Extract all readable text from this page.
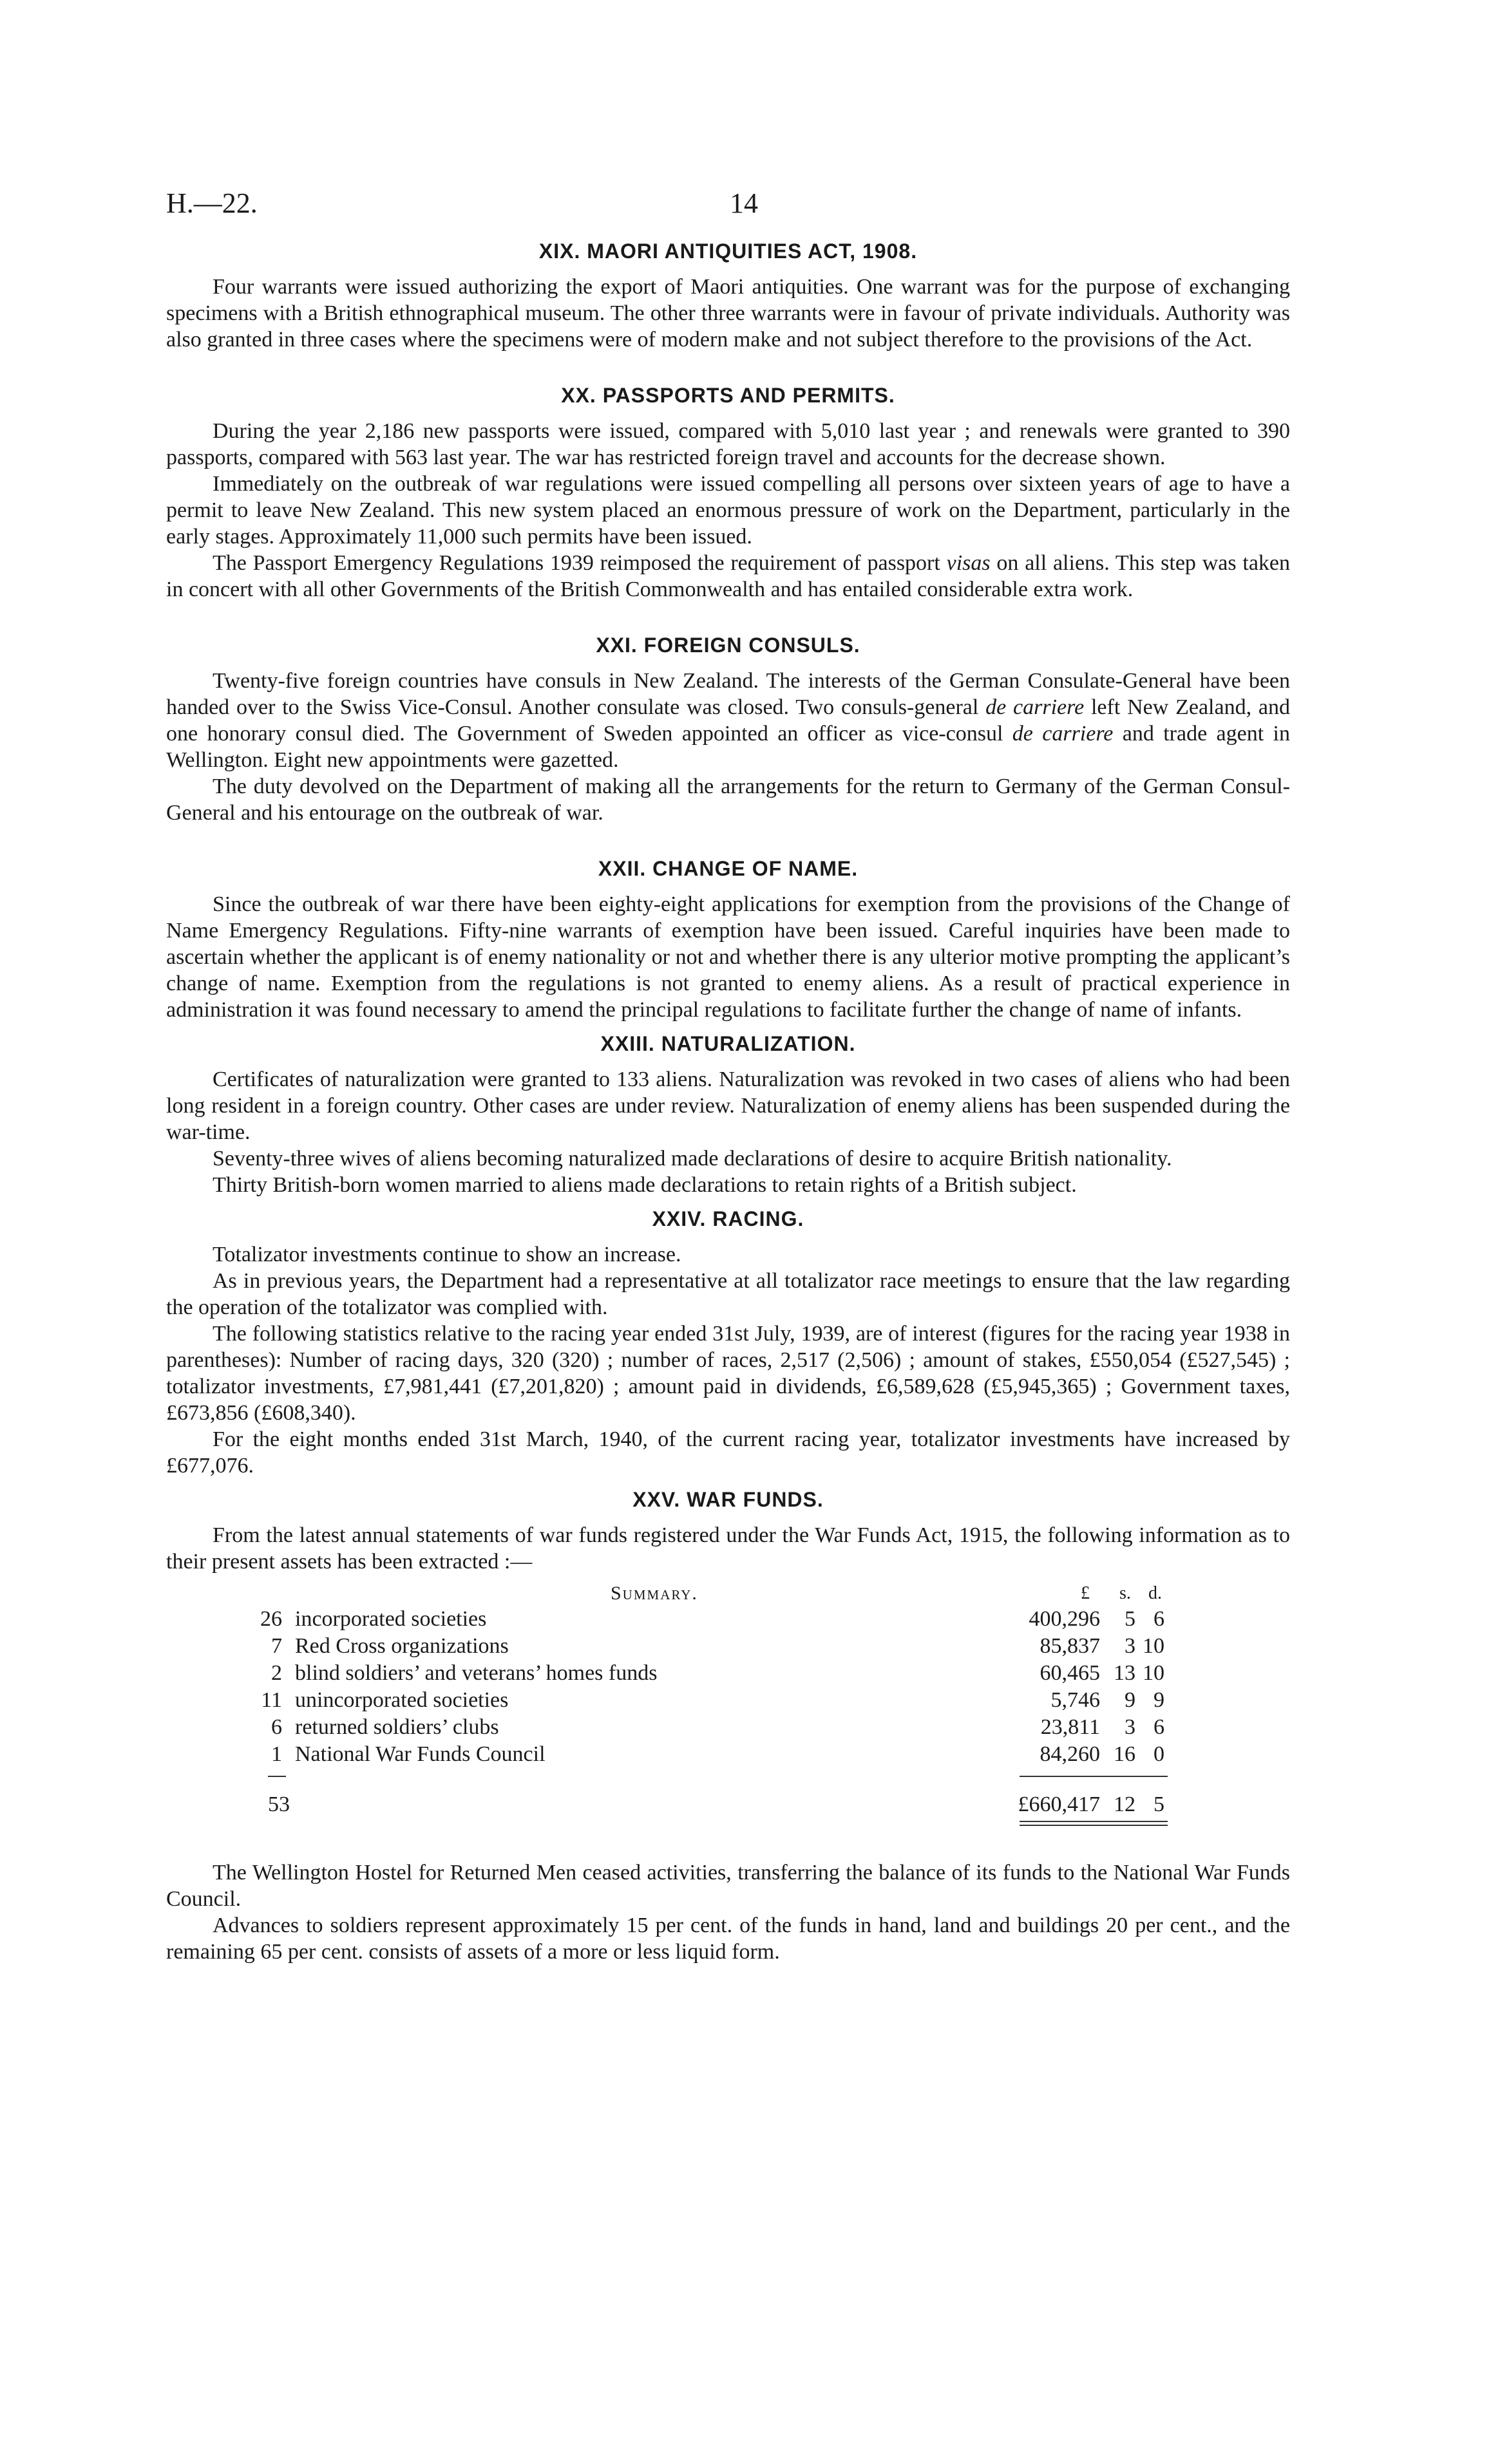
H.—22.	14
XIX. MAORI ANTIQUITIES ACT, 1908.

Four warrants were issued authorizing the export of Maori antiquities. One warrant was for the purpose of exchanging specimens with a British ethnographical museum. The other three warrants were in favour of private individuals. Authority was also granted in three cases where the specimens were of modern make and not subject therefore to the provisions of the Act.

XX. PASSPORTS AND PERMITS.

During the year 2,186 new passports were issued, compared with 5,010 last year ; and renewals were granted to 390 passports, compared with 563 last year. The war has restricted foreign travel and accounts for the decrease shown.

Immediately on the outbreak of war regulations were issued compelling all persons over sixteen years of age to have a permit to leave New Zealand. This new system placed an enormous pressure of work on the Department, particularly in the early stages. Approximately 11,000 such permits have been issued.

The Passport Emergency Regulations 1939 reimposed the requirement of passport visas on all aliens. This step was taken in concert with all other Governments of the British Commonwealth and has entailed considerable extra work.

XXI. FOREIGN CONSULS.

Twenty-five foreign countries have consuls in New Zealand. The interests of the German Consulate-General have been handed over to the Swiss Vice-Consul. Another consulate was closed. Two consuls-general de carriere left New Zealand, and one honorary consul died. The Government of Sweden appointed an officer as vice-consul de carriere and trade agent in Wellington. Eight new appointments were gazetted.

The duty devolved on the Department of making all the arrangements for the return to Germany of the German Consul-General and his entourage on the outbreak of war.

XXII. CHANGE OF NAME.

Since the outbreak of war there have been eighty-eight applications for exemption from the provisions of the Change of Name Emergency Regulations. Fifty-nine warrants of exemption have been issued. Careful inquiries have been made to ascertain whether the applicant is of enemy nationality or not and whether there is any ulterior motive prompting the applicant’s change of name. Exemption from the regulations is not granted to enemy aliens. As a result of practical experience in administration it was found necessary to amend the principal regulations to facilitate further the change of name of infants.

XXIII. NATURALIZATION.

Certificates of naturalization were granted to 133 aliens. Naturalization was revoked in two cases of aliens who had been long resident in a foreign country. Other cases are under review. Naturalization of enemy aliens has been suspended during the war-time.

Seventy-three wives of aliens becoming naturalized made declarations of desire to acquire British nationality.

Thirty British-born women married to aliens made declarations to retain rights of a British subject.

XXIV. RACING.

Totalizator investments continue to show an increase.

As in previous years, the Department had a representative at all totalizator race meetings to ensure that the law regarding the operation of the totalizator was complied with.

The following statistics relative to the racing year ended 31st July, 1939, are of interest (figures for the racing year 1938 in parentheses): Number of racing days, 320 (320) ; number of races, 2,517 (2,506) ; amount of stakes, £550,054 (£527,545) ; totalizator investments, £7,981,441 (£7,201,820) ; amount paid in dividends, £6,589,628 (£5,945,365) ; Government taxes, £673,856 (£608,340).

For the eight months ended 31st March, 1940, of the current racing year, totalizator investments have increased by £677,076.

XXV. WAR FUNDS.

From the latest annual statements of war funds registered under the War Funds Act, 1915, the following information as to their present assets has been extracted :—

Summary.	£ s. d.
26 incorporated societies	400,296	5 6
7 Red Cross organizations	85,837	3 10
2 blind soldiers’ and veterans’ homes funds	60,465 13 10
11 unincorporated societies	5,746	9 9
6 returned soldiers’ clubs	23,811	3 6
1 National War Funds Council	84,260 16 0
53	£660,417 12 5

The Wellington Hostel for Returned Men ceased activities, transferring the balance of its funds to the National War Funds Council.

Advances to soldiers represent approximately 15 per cent. of the funds in hand, land and buildings 20 per cent., and the remaining 65 per cent. consists of assets of a more or less liquid form.
